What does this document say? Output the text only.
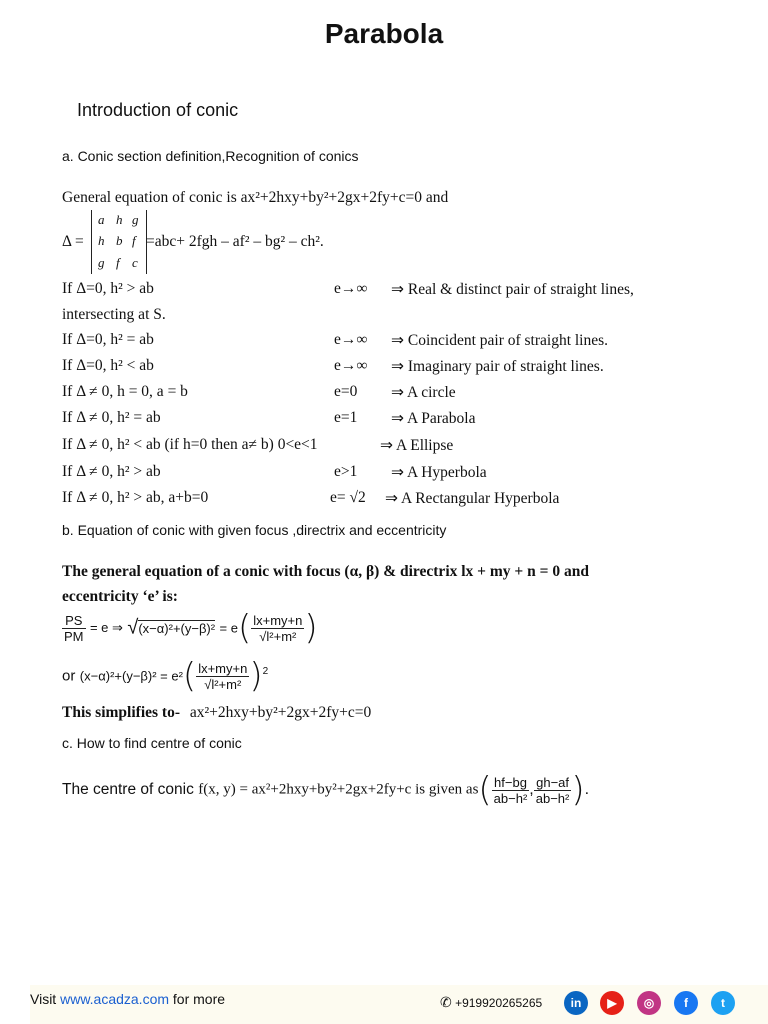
Parabola
Introduction of conic
a. Conic section definition,Recognition of conics
General equation of conic is ax²+2hxy+by²+2gx+2fy+c=0 and
Δ =
a h g
h b f
g f c
=abc+ 2fgh – af² – bg² – ch².
If Δ=0, h² > ab	e→∞ ⇒ Real & distinct pair of straight lines,
intersecting at S.
If Δ=0, h² = ab	e→∞ ⇒ Coincident pair of straight lines.
If Δ=0, h² < ab	e→∞ ⇒ Imaginary pair of straight lines.
If Δ ≠ 0, h = 0, a = b	e=0 ⇒ A circle
If Δ ≠ 0, h² = ab	e=1 ⇒ A Parabola
If Δ ≠ 0, h² < ab (if h=0 then a≠ b) 0<e<1	⇒ A Ellipse
If Δ ≠ 0, h² > ab	e>1 ⇒ A Hyperbola
If Δ ≠ 0, h² > ab, a+b=0	e= √2 ⇒ A Rectangular Hyperbola
b. Equation of conic with given focus ,directrix and eccentricity
The general equation of a conic with focus (α, β) & directrix lx + my + n = 0 and
eccentricity ‘e’ is:
$\frac{PS}{PM} = e$ ⇒ $√(x-\alpha)^2+(y-\beta)^2 = e( \frac{lx+my+n}{\text{√l²+m²}}$ )
or $(x-\alpha)^2+(y-\beta)^2 = e^2( \frac{lx+my+n}{\text{√l²+m²}} )^2$
This simplifies to- ax²+2hxy+by²+2gx+2fy+c=0
c. How to find centre of conic
The centre of conic f(x, y) = ax²+2hxy+by²+2gx+2fy+c is given $as( \frac{hf-bg}{\text{ab−h²}}$ , $\frac{gh-af}{\text{ab−h²}}$ ).
Visit www.acadza.com for more	✆ +919920265265	in	▶	◎	f	t
